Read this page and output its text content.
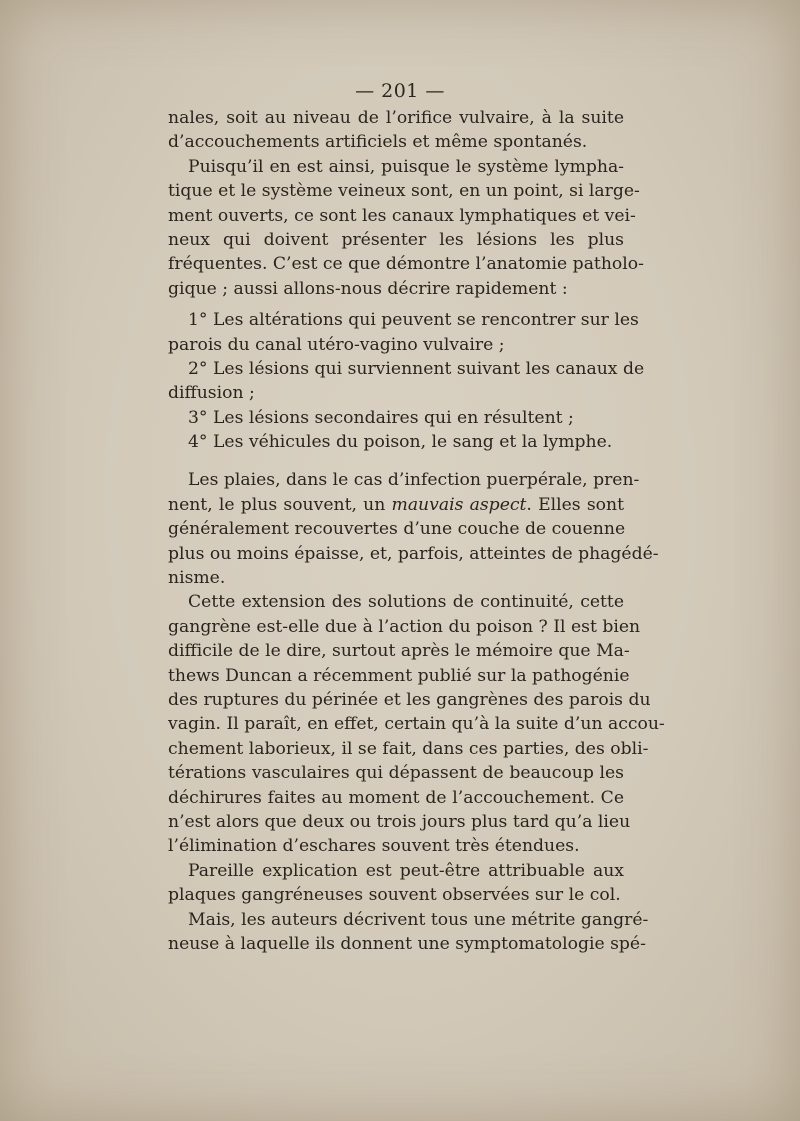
— 201 —
nales, soit au niveau de l’orifice vulvaire, à la suite
d’accouchements artificiels et même spontanés.
Puisqu’il en est ainsi, puisque le système lympha-
tique et le système veineux sont, en un point, si large-
ment ouverts, ce sont les canaux lymphatiques et vei-
neux qui doivent présenter les lésions les plus
fréquentes. C’est ce que démontre l’anatomie patholo-
gique ; aussi allons-nous décrire rapidement :
1° Les altérations qui peuvent se rencontrer sur les
parois du canal utéro-vagino vulvaire ;
2° Les lésions qui surviennent suivant les canaux de
diffusion ;
3° Les lésions secondaires qui en résultent ;
4° Les véhicules du poison, le sang et la lymphe.
Les plaies, dans le cas d’infection puerpérale, pren-
nent, le plus souvent, un mauvais aspect. Elles sont
généralement recouvertes d’une couche de couenne
plus ou moins épaisse, et, parfois, atteintes de phagédé-
nisme.
Cette extension des solutions de continuité, cette
gangrène est-elle due à l’action du poison ? Il est bien
difficile de le dire, surtout après le mémoire que Ma-
thews Duncan a récemment publié sur la pathogénie
des ruptures du périnée et les gangrènes des parois du
vagin. Il paraît, en effet, certain qu’à la suite d’un accou-
chement laborieux, il se fait, dans ces parties, des obli-
térations vasculaires qui dépassent de beaucoup les
déchirures faites au moment de l’accouchement. Ce
n’est alors que deux ou trois jours plus tard qu’a lieu
l’élimination d’eschares souvent très étendues.
Pareille explication est peut-être attribuable aux
plaques gangréneuses souvent observées sur le col.
Mais, les auteurs décrivent tous une métrite gangré-
neuse à laquelle ils donnent une symptomatologie spé-
